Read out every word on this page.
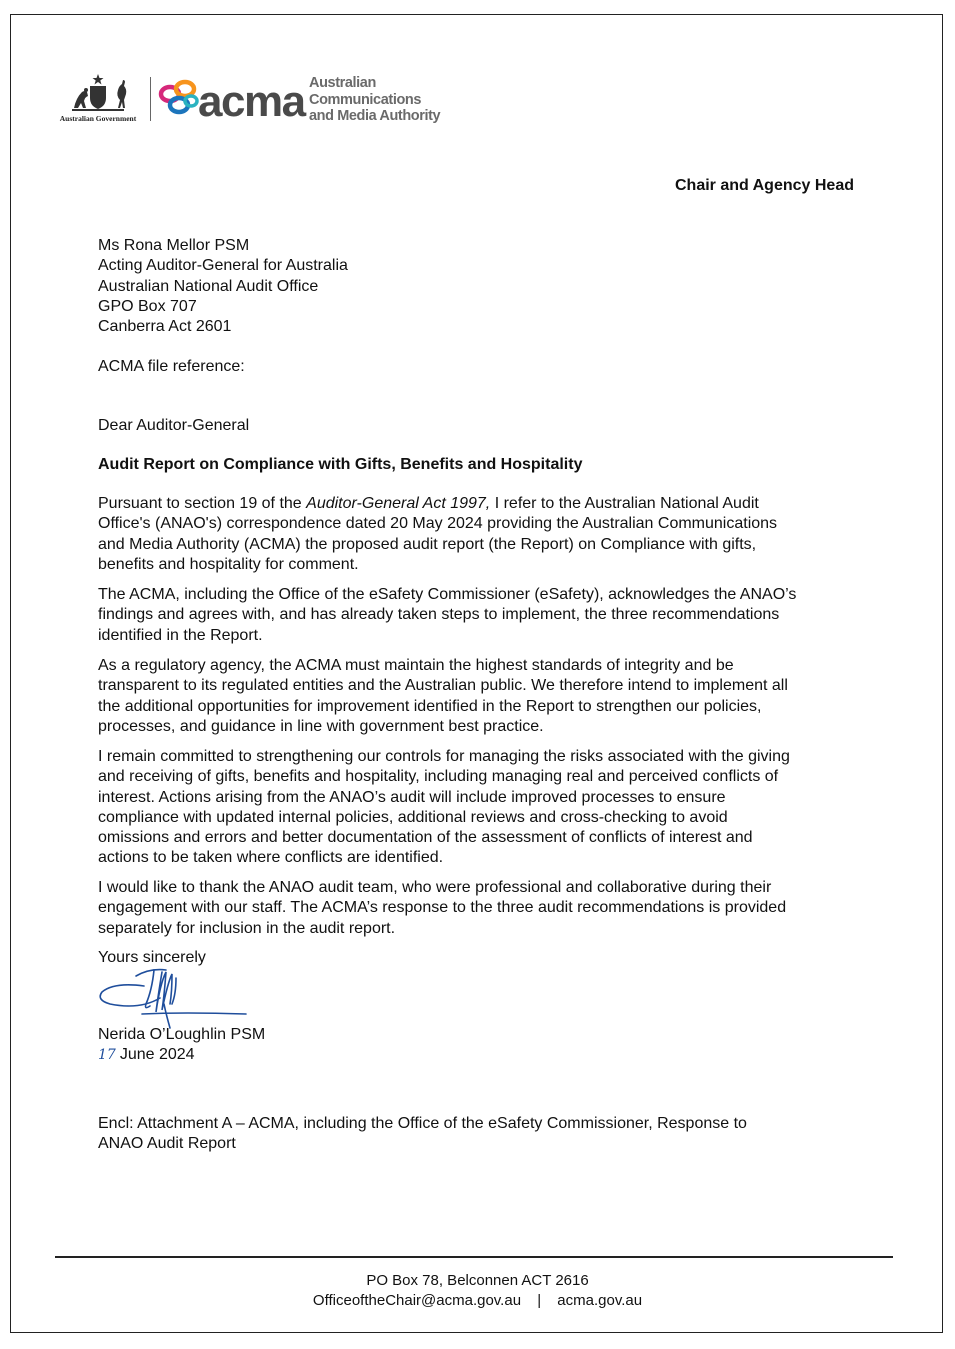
Australian Government acma Australian
Communications
and Media Authority
Chair and Agency Head
Ms Rona Mellor PSM
Acting Auditor-General for Australia
Australian National Audit Office
GPO Box 707
Canberra Act 2601
ACMA file reference:
Dear Auditor-General
Audit Report on Compliance with Gifts, Benefits and Hospitality
Pursuant to section 19 of the Auditor-General Act 1997, I refer to the Australian National Audit
Office's (ANAO's) correspondence dated 20 May 2024 providing the Australian Communications
and Media Authority (ACMA) the proposed audit report (the Report) on Compliance with gifts,
benefits and hospitality for comment.
The ACMA, including the Office of the eSafety Commissioner (eSafety), acknowledges the ANAO’s
findings and agrees with, and has already taken steps to implement, the three recommendations
identified in the Report.
As a regulatory agency, the ACMA must maintain the highest standards of integrity and be
transparent to its regulated entities and the Australian public. We therefore intend to implement all
the additional opportunities for improvement identified in the Report to strengthen our policies,
processes, and guidance in line with government best practice.
I remain committed to strengthening our controls for managing the risks associated with the giving
and receiving of gifts, benefits and hospitality, including managing real and perceived conflicts of
interest. Actions arising from the ANAO’s audit will include improved processes to ensure
compliance with updated internal policies, additional reviews and cross-checking to avoid
omissions and errors and better documentation of the assessment of conflicts of interest and
actions to be taken where conflicts are identified.
I would like to thank the ANAO audit team, who were professional and collaborative during their
engagement with our staff. The ACMA’s response to the three audit recommendations is provided
separately for inclusion in the audit report.
Yours sincerely
Nerida O’Loughlin PSM
17 June 2024
Encl: Attachment A – ACMA, including the Office of the eSafety Commissioner, Response to
ANAO Audit Report
PO Box 78, Belconnen ACT 2616
OfficeoftheChair@acma.gov.au | acma.gov.au
